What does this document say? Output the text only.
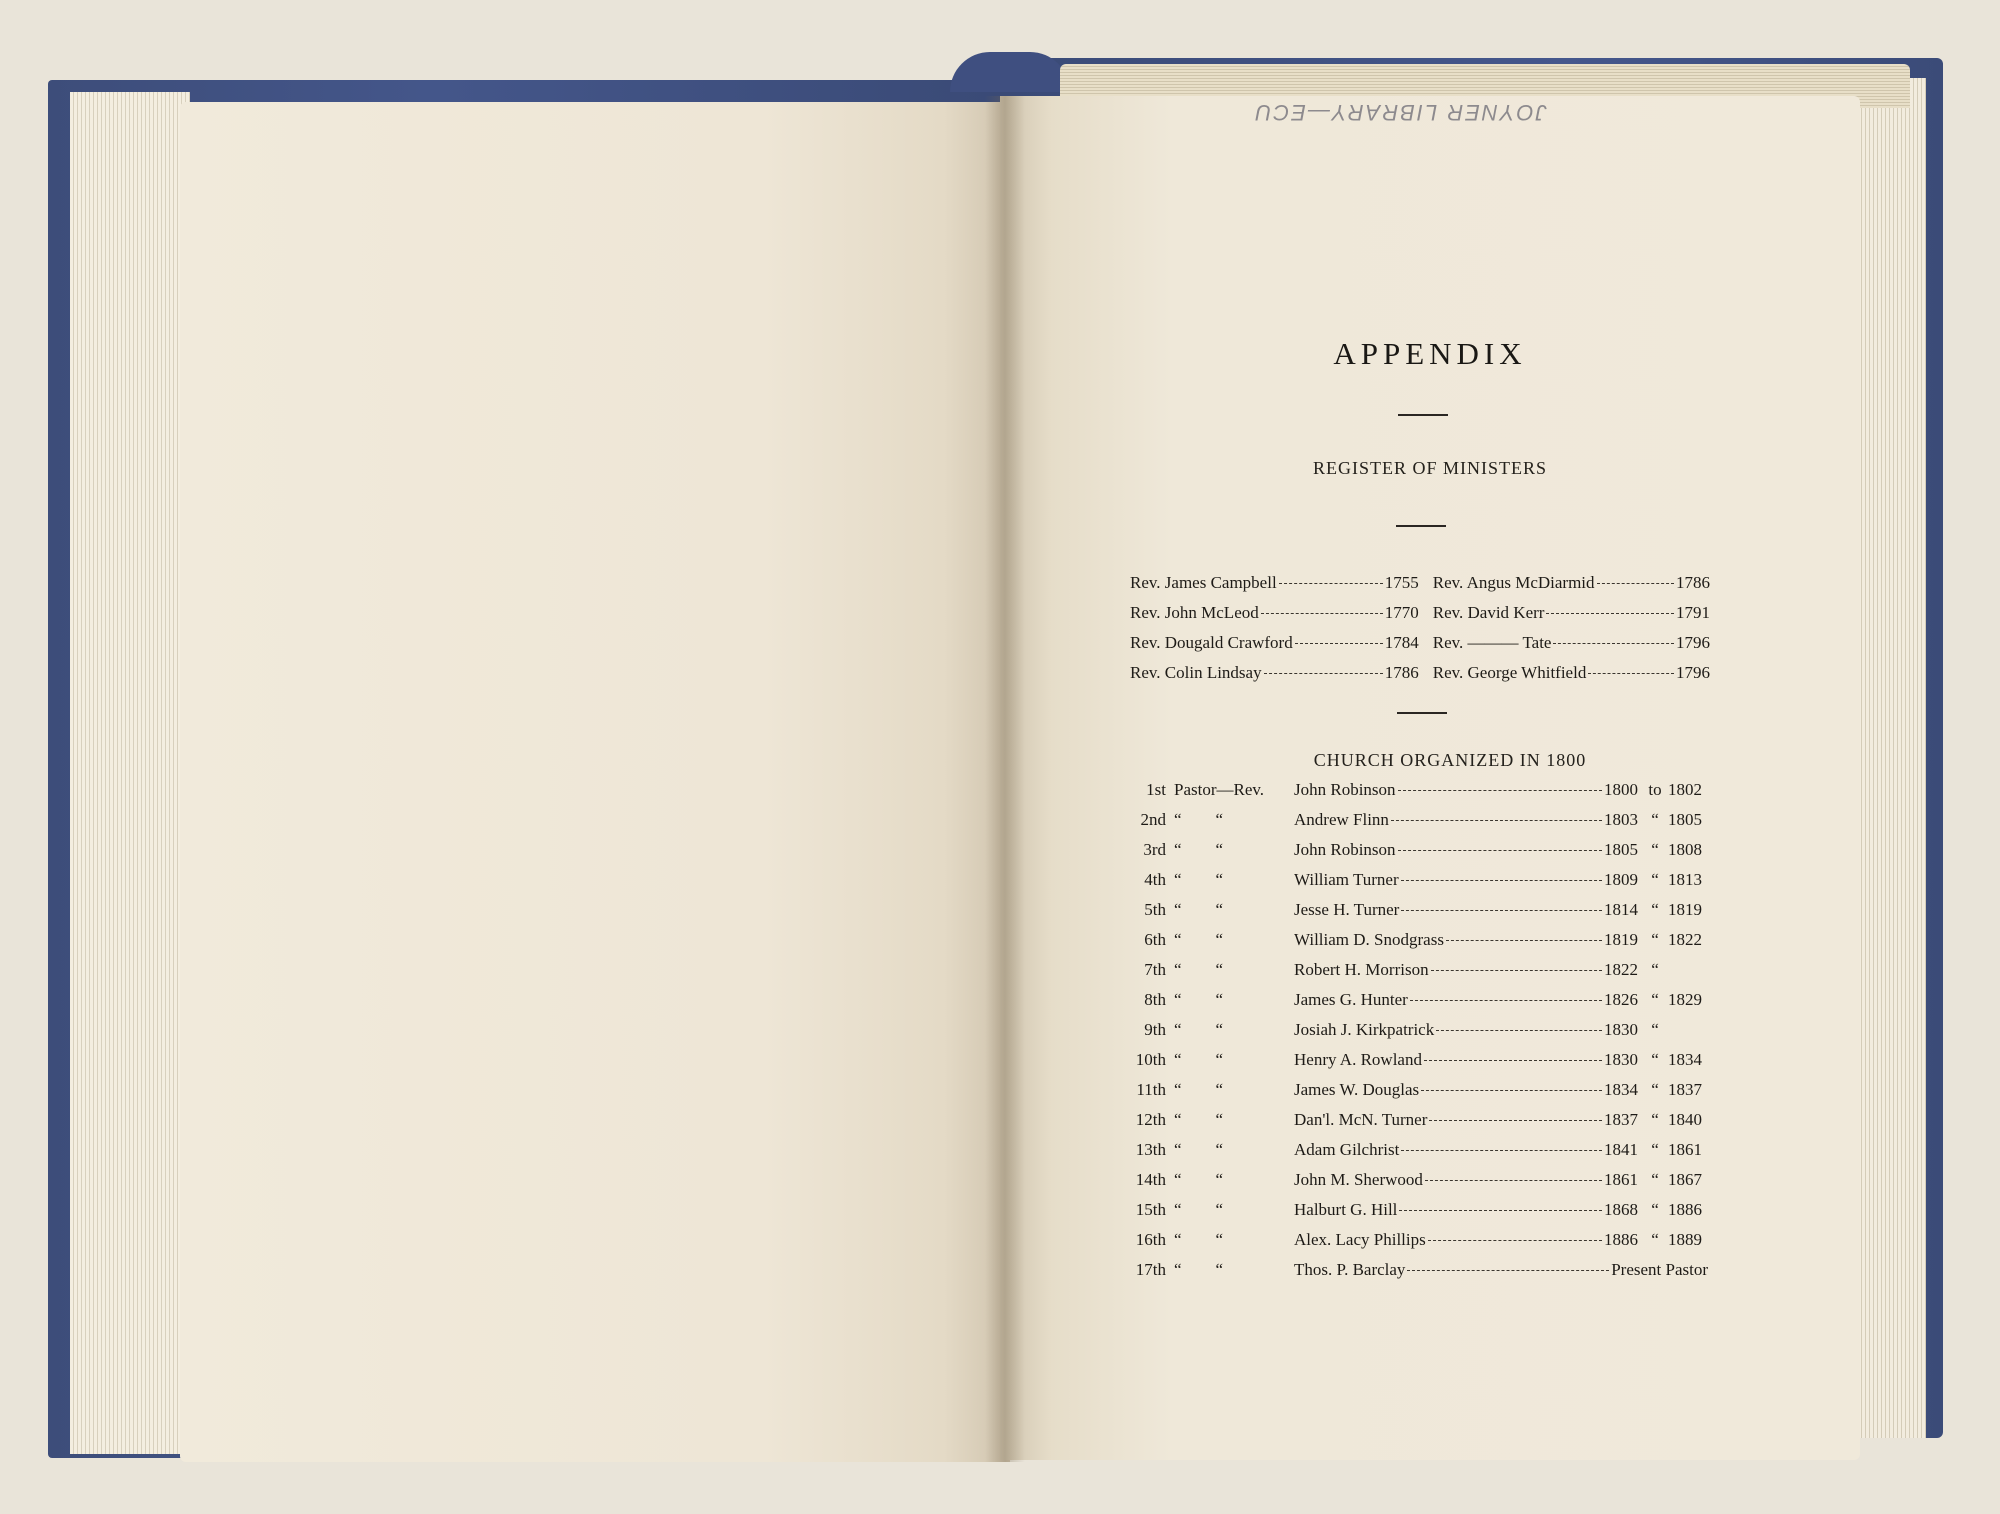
JOYNER LIBRARY—ECU
APPENDIX
REGISTER OF MINISTERS
Rev. James Campbell	1755 Rev. Angus McDiarmid	1786
Rev. John McLeod	1770 Rev. David Kerr	1791
Rev. Dougald Crawford	1784 Rev. ——— Tate	1796
Rev. Colin Lindsay	1786 Rev. George Whitfield	1796
CHURCH ORGANIZED IN 1800
1st Pastor—Rev.	John Robinson	1800 to 1802
2nd “        “	Andrew Flinn	1803 “ 1805
3rd “        “	John Robinson	1805 “ 1808
4th “        “	William Turner	1809 “ 1813
5th “        “	Jesse H. Turner	1814 “ 1819
6th “        “	William D. Snodgrass	1819 “ 1822
7th “        “	Robert H. Morrison	1822 “
8th “        “	James G. Hunter	1826 “ 1829
9th “        “	Josiah J. Kirkpatrick	1830 “
10th “        “	Henry A. Rowland	1830 “ 1834
11th “        “	James W. Douglas	1834 “ 1837
12th “        “	Dan'l. McN. Turner	1837 “ 1840
13th “        “	Adam Gilchrist	1841 “ 1861
14th “        “	John M. Sherwood	1861 “ 1867
15th “        “	Halburt G. Hill	1868 “ 1886
16th “        “	Alex. Lacy Phillips	1886 “ 1889
17th “        “	Thos. P. Barclay	Present Pastor
